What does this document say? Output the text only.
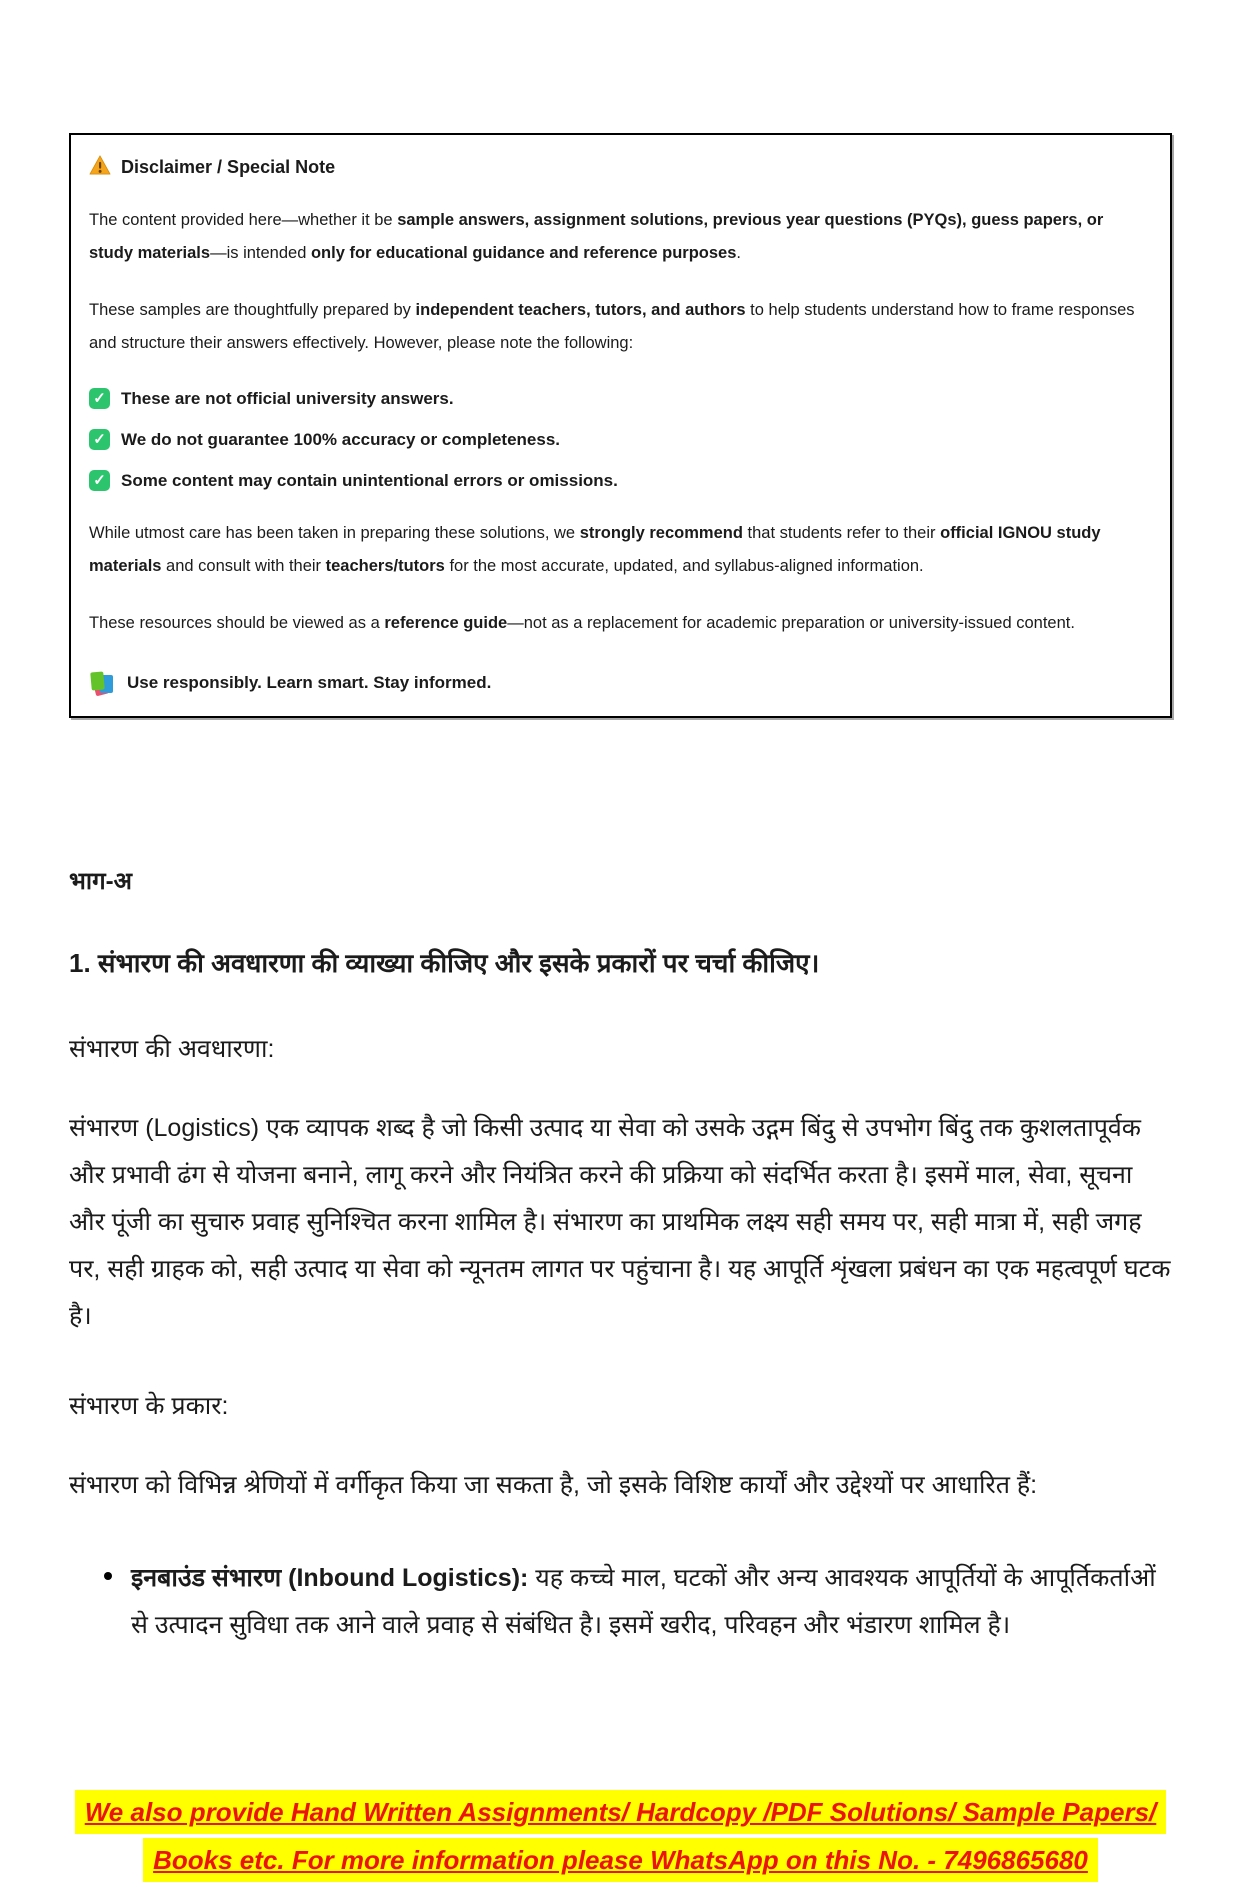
Disclaimer / Special Note

The content provided here—whether it be sample answers, assignment solutions, previous year questions (PYQs), guess papers, or study materials—is intended only for educational guidance and reference purposes.

These samples are thoughtfully prepared by independent teachers, tutors, and authors to help students understand how to frame responses and structure their answers effectively. However, please note the following:

✓ These are not official university answers.
✓ We do not guarantee 100% accuracy or completeness.
✓ Some content may contain unintentional errors or omissions.

While utmost care has been taken in preparing these solutions, we strongly recommend that students refer to their official IGNOU study materials and consult with their teachers/tutors for the most accurate, updated, and syllabus-aligned information.

These resources should be viewed as a reference guide—not as a replacement for academic preparation or university-issued content.

Use responsibly. Learn smart. Stay informed.
भाग-अ
1. संभारण की अवधारणा की व्याख्या कीजिए और इसके प्रकारों पर चर्चा कीजिए।
संभारण की अवधारणा:

संभारण (Logistics) एक व्यापक शब्द है जो किसी उत्पाद या सेवा को उसके उद्गम बिंदु से उपभोग बिंदु तक कुशलतापूर्वक और प्रभावी ढंग से योजना बनाने, लागू करने और नियंत्रित करने की प्रक्रिया को संदर्भित करता है। इसमें माल, सेवा, सूचना और पूंजी का सुचारु प्रवाह सुनिश्चित करना शामिल है। संभारण का प्राथमिक लक्ष्य सही समय पर, सही मात्रा में, सही जगह पर, सही ग्राहक को, सही उत्पाद या सेवा को न्यूनतम लागत पर पहुंचाना है। यह आपूर्ति शृंखला प्रबंधन का एक महत्वपूर्ण घटक है।

संभारण के प्रकार:

संभारण को विभिन्न श्रेणियों में वर्गीकृत किया जा सकता है, जो इसके विशिष्ट कार्यों और उद्देश्यों पर आधारित हैं:

इनबाउंड संभारण (Inbound Logistics): यह कच्चे माल, घटकों और अन्य आवश्यक आपूर्तियों के आपूर्तिकर्ताओं से उत्पादन सुविधा तक आने वाले प्रवाह से संबंधित है। इसमें खरीद, परिवहन और भंडारण शामिल है।
We also provide Hand Written Assignments/ Hardcopy /PDF Solutions/ Sample Papers/
Books etc. For more information please WhatsApp on this No. - 7496865680
